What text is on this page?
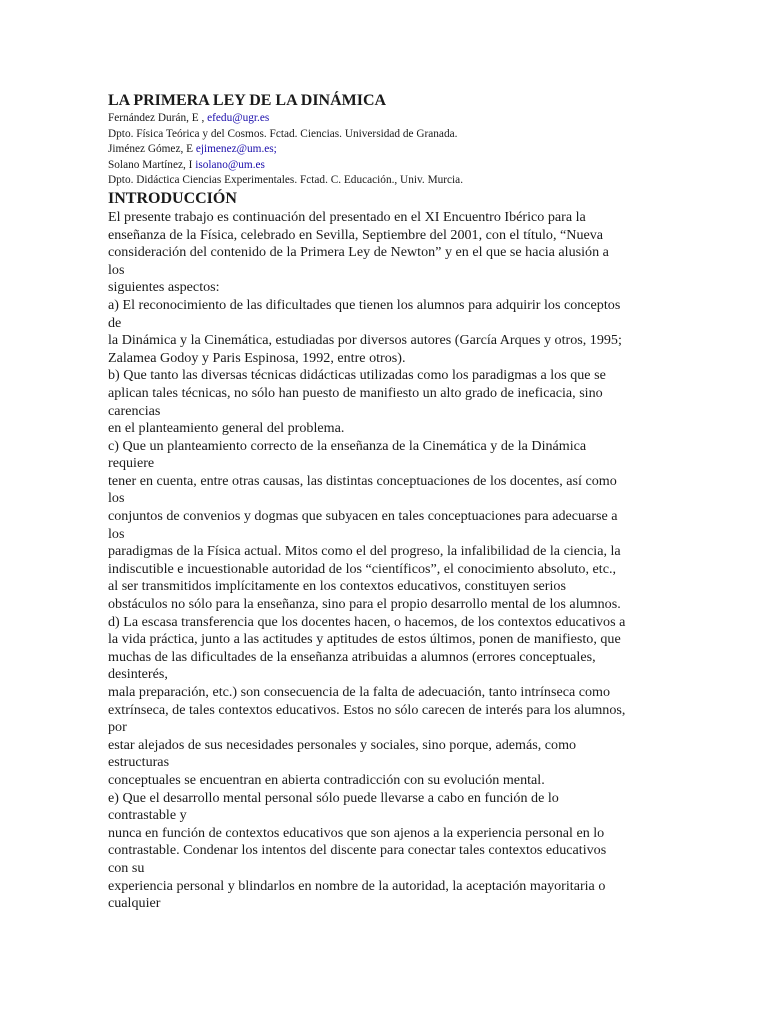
LA PRIMERA LEY DE LA DINÁMICA
Fernández Durán, E , efedu@ugr.es
Dpto. Física Teórica y del Cosmos. Fctad. Ciencias. Universidad de Granada.
Jiménez Gómez, E ejimenez@um.es;
Solano Martínez, I isolano@um.es
Dpto. Didáctica Ciencias Experimentales. Fctad. C. Educación., Univ. Murcia.
INTRODUCCIÓN
El presente trabajo es continuación del presentado en el XI Encuentro Ibérico para la
enseñanza de la Física, celebrado en Sevilla, Septiembre del 2001, con el título, “Nueva
consideración del contenido de la Primera Ley de Newton” y en el que se hacia alusión a
los
siguientes aspectos:
a) El reconocimiento de las dificultades que tienen los alumnos para adquirir los conceptos
de
la Dinámica y la Cinemática, estudiadas por diversos autores (García Arques y otros, 1995;
Zalamea Godoy y Paris Espinosa, 1992, entre otros).
b) Que tanto las diversas técnicas didácticas utilizadas como los paradigmas a los que se
aplican tales técnicas, no sólo han puesto de manifiesto un alto grado de ineficacia, sino
carencias
en el planteamiento general del problema.
c) Que un planteamiento correcto de la enseñanza de la Cinemática y de la Dinámica
requiere
tener en cuenta, entre otras causas, las distintas conceptuaciones de los docentes, así como
los
conjuntos de convenios y dogmas que subyacen en tales conceptuaciones para adecuarse a
los
paradigmas de la Física actual. Mitos como el del progreso, la infalibilidad de la ciencia, la
indiscutible e incuestionable autoridad de los “científicos”, el conocimiento absoluto, etc.,
al ser transmitidos implícitamente en los contextos educativos, constituyen serios
obstáculos no sólo para la enseñanza, sino para el propio desarrollo mental de los alumnos.
d) La escasa transferencia que los docentes hacen, o hacemos, de los contextos educativos a
la vida práctica, junto a las actitudes y aptitudes de estos últimos, ponen de manifiesto, que
muchas de las dificultades de la enseñanza atribuidas a alumnos (errores conceptuales,
desinterés,
mala preparación, etc.) son consecuencia de la falta de adecuación, tanto intrínseca como
extrínseca, de tales contextos educativos. Estos no sólo carecen de interés para los alumnos,
por
estar alejados de sus necesidades personales y sociales, sino porque, además, como
estructuras
conceptuales se encuentran en abierta contradicción con su evolución mental.
e) Que el desarrollo mental personal sólo puede llevarse a cabo en función de lo
contrastable y
nunca en función de contextos educativos que son ajenos a la experiencia personal en lo
contrastable. Condenar los intentos del discente para conectar tales contextos educativos
con su
experiencia personal y blindarlos en nombre de la autoridad, la aceptación mayoritaria o
cualquier
